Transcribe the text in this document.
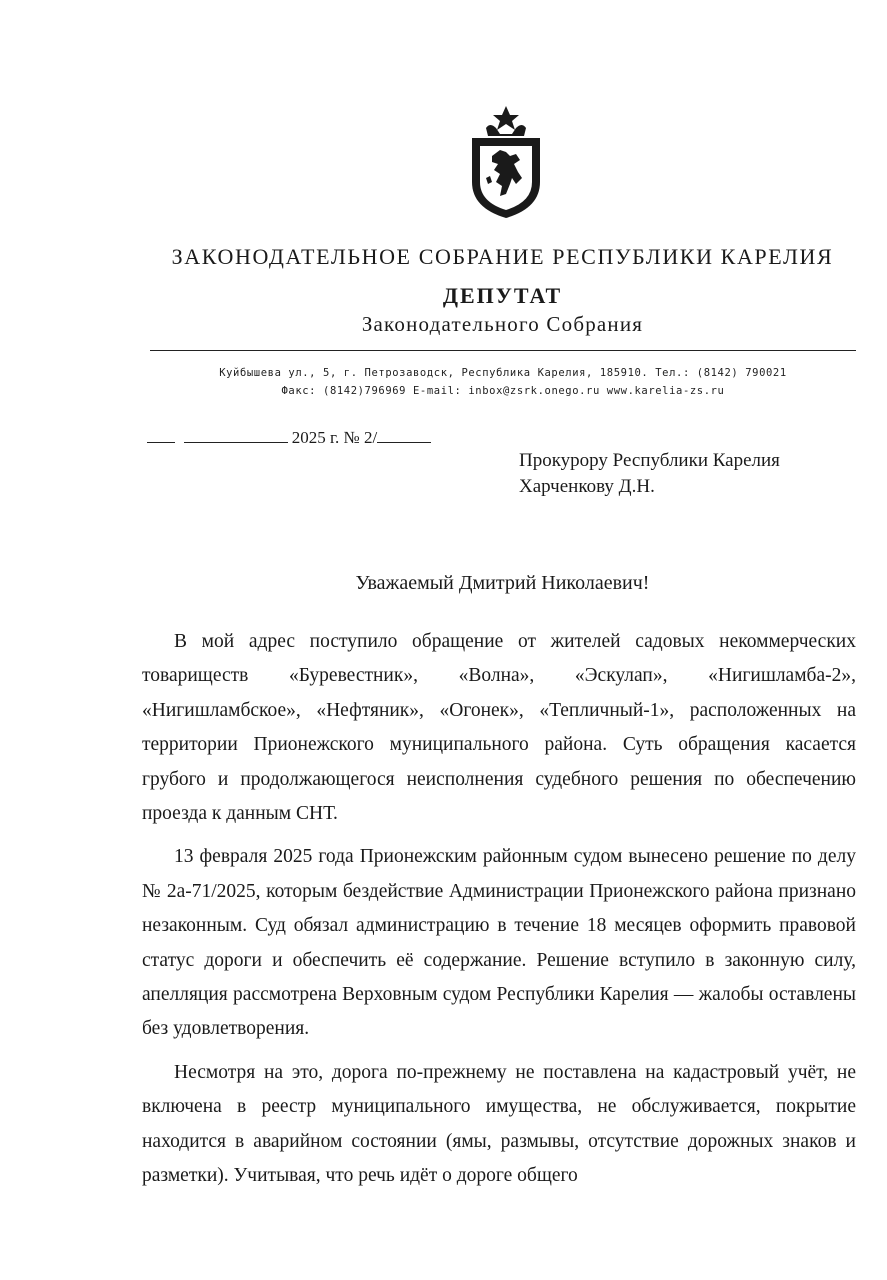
ЗАКОНОДАТЕЛЬНОЕ СОБРАНИЕ РЕСПУБЛИКИ КАРЕЛИЯ
ДЕПУТАТ
Законодательного Собрания
Куйбышева ул., 5, г. Петрозаводск, Республика Карелия, 185910. Тел.: (8142) 790021
Факс: (8142)796969 E-mail: inbox@zsrk.onego.ru www.karelia-zs.ru
2025 г. № 2/
Прокурору Республики Карелия
Харченкову Д.Н.
Уважаемый Дмитрий Николаевич!

В мой адрес поступило обращение от жителей садовых некоммерческих товариществ «Буревестник», «Волна», «Эскулап», «Нигишламба-2», «Нигишламбское», «Нефтяник», «Огонек», «Тепличный-1», расположенных на территории Прионежского муниципального района. Суть обращения касается грубого и продолжающегося неисполнения судебного решения по обеспечению проезда к данным СНТ.

13 февраля 2025 года Прионежским районным судом вынесено решение по делу № 2а-71/2025, которым бездействие Администрации Прионежского района признано незаконным. Суд обязал администрацию в течение 18 месяцев оформить правовой статус дороги и обеспечить её содержание. Решение вступило в законную силу, апелляция рассмотрена Верховным судом Республики Карелия — жалобы оставлены без удовлетворения.

Несмотря на это, дорога по-прежнему не поставлена на кадастровый учёт, не включена в реестр муниципального имущества, не обслуживается, покрытие находится в аварийном состоянии (ямы, размывы, отсутствие дорожных знаков и разметки). Учитывая, что речь идёт о дороге общего
